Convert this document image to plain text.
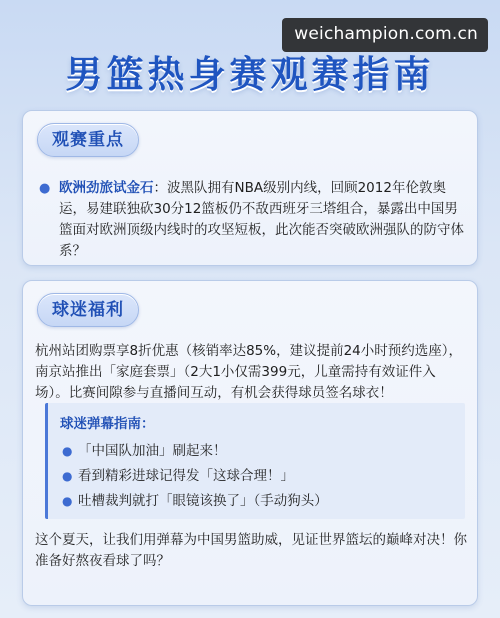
weichampion.com.cn
男篮热身赛观赛指南
观赛重点
● 欧洲劲旅试金石：波黑队拥有NBA级别内线，回顾2012年伦敦奥运，易建联独砍30分12篮板仍不敌西班牙三塔组合，暴露出中国男篮面对欧洲顶级内线时的攻坚短板，此次能否突破欧洲强队的防守体系？
球迷福利
杭州站团购票享8折优惠（核销率达85%，建议提前24小时预约选座），南京站推出「家庭套票」（2大1小仅需399元，儿童需持有效证件入场）。比赛间隙参与直播间互动，有机会获得球员签名球衣！
球迷弹幕指南：
● 「中国队加油」刷起来！
● 看到精彩进球记得发「这球合理！」
● 吐槽裁判就打「眼镜该换了」（手动狗头）
这个夏天，让我们用弹幕为中国男篮助威，见证世界篮坛的巅峰对决！你准备好熬夜看球了吗？
